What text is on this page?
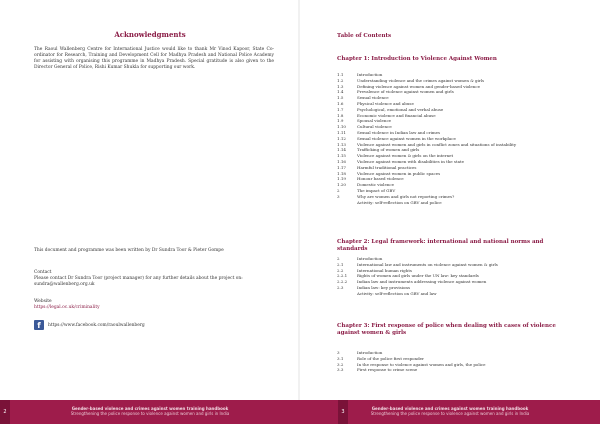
Acknowledgments
The Raoul Wallenberg Centre for International Justice would like to thank Mr Vinod Kapoor, State Co-ordinator for Research, Training and Development Cell for Madhya Pradesh and National Police Academy for assisting with organising this programme in Madhya Pradesh. Special gratitude is also given to the Director General of Police, Rishi Kumar Shukla for supporting our work.
This document and programme was been written by Dr Sundra Toor & Pieter Gompe
Contact
Please contact Dr Sundra Toor (project manager) for any further details about the project on: sundra@wallenberg.org.uk
Website
https://legal.oc.uk/criminality
f	https://www.facebook.com/raoulwallenberg
Gender-based violence and crimes against women training handbook
Strengthening the police response to violence against women and girls in India
2
Table of Contents
Chapter 1: Introduction to Violence Against Women
1.1	Introduction
1.2	Understanding violence and the crimes against women & girls
1.3	Defining violence against women and gender-based violence
1.4	Prevalence of violence against women and girls
1.5	Sexual violence
1.6	Physical violence and abuse
1.7	Psychological, emotional and verbal abuse
1.8	Economic violence and financial abuse
1.9	Spousal violence
1.10	Cultural violence
1.11	Sexual violence in Indian law and crimes
1.12	Sexual violence against women in the workplace
1.13	Violence against women and girls in conflict zones and situations of instability
1.14	Trafficking of women and girls
1.15	Violence against women & girls on the internet
1.16	Violence against women with disabilities in the state
1.17	Harmful traditional practices
1.18	Violence against women in public spaces
1.19	Honour based violence
1.20	Domestic violence
2	The impact of GBV
3	Why are women and girls not reporting crimes?
Activity: self-reflection on GBV and police
Chapter 2: Legal framework: international and national norms and standards
2	Introduction
2.1	International law and instruments on violence against women & girls
2.2	International human rights
2.2.1	Rights of women and girls under the UN law: key standards
2.2.2	Indian law and instruments addressing violence against women
2.3	Indian law: key provisions
Activity: self-reflection on GBV and law
Chapter 3: First response of police when dealing with cases of violence against women & girls
3	Introduction
3.1	Role of the police first responder
3.2	In the response to violence against women and girls, the police
3.3	First response to crime scene
Gender-based violence and crimes against women training handbook
Strengthening the police response to violence against women and girls in India
3
